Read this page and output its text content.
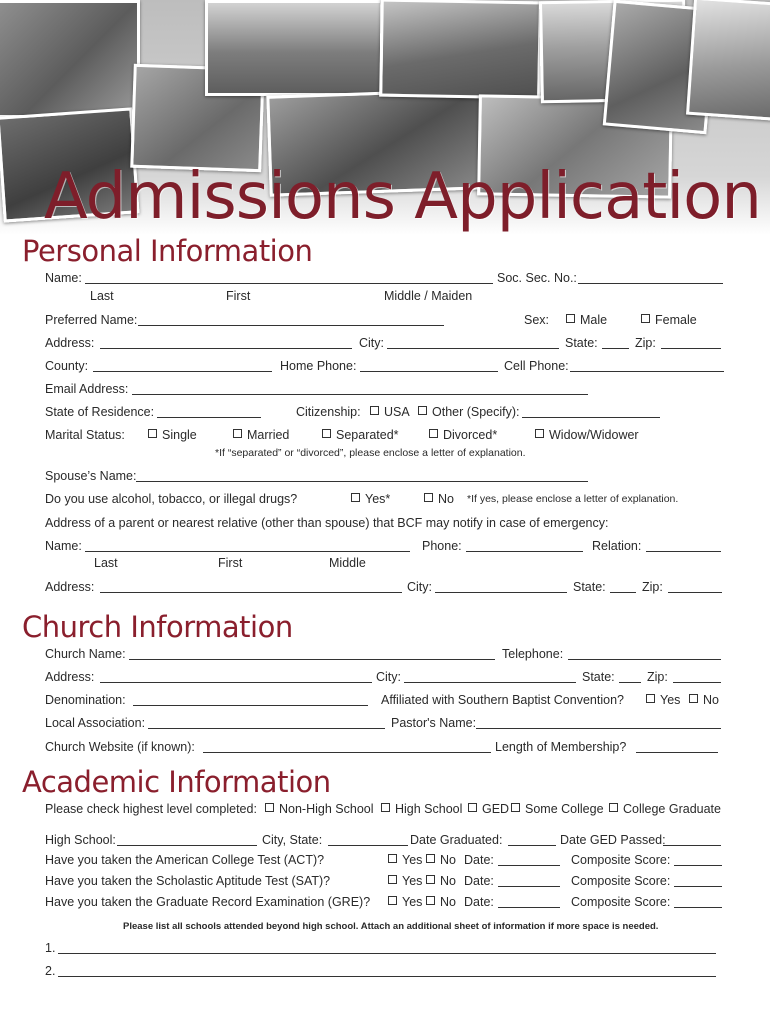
Admissions Application
Personal Information
Name:	Soc. Sec. No.:
Last	First	Middle / Maiden
Preferred Name:	Sex:	Male	Female
Address:	City:	State:	Zip:
County:	Home Phone:	Cell Phone:
Email Address:
State of Residence:	Citizenship:	USA	Other (Specify):
Marital Status:	Single	Married	Separated*	Divorced*	Widow/Widower
*If “separated” or “divorced”, please enclose a letter of explanation.
Spouse’s Name:
Do you use alcohol, tobacco, or illegal drugs?	Yes*	No *If yes, please enclose a letter of explanation.
Address of a parent or nearest relative (other than spouse) that BCF may notify in case of emergency:
Name:	Phone:	Relation:
Last	First	Middle
Address:	City:	State:	Zip:
Church Information
Church Name:	Telephone:
Address:	City:	State:	Zip:
Denomination:	Affiliated with Southern Baptist Convention?	Yes	No
Local Association:	Pastor's Name:
Church Website (if known):	Length of Membership?
Academic Information
Please check highest level completed:	Non-High School	High School	GED	Some College	College Graduate
High School:	City, State:	Date Graduated:	Date GED Passed:
Have you taken the American College Test (ACT)?	Yes	No Date:	Composite Score:
Have you taken the Scholastic Aptitude Test (SAT)?	Yes	No Date:	Composite Score:
Have you taken the Graduate Record Examination (GRE)?	Yes	No Date:	Composite Score:
Please list all schools attended beyond high school. Attach an additional sheet of information if more space is needed.
1.
2.
